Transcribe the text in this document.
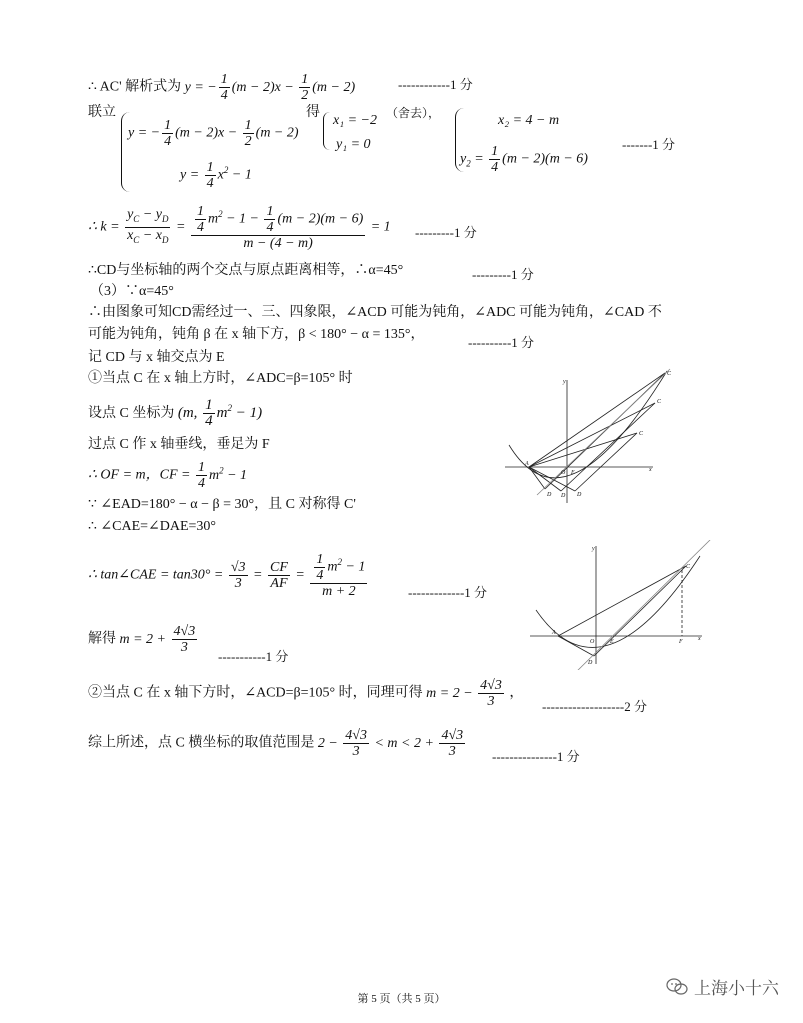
∴ AC' 解析式为 y = − $\frac{1}{4} (m - 2)x - \frac{1}{2} (m - 2)$	------------1 分
联立
y = − $\frac{1}{4} (m - 2)x - \frac{1}{2} (m - 2)$
$y = \frac{1}{4} x^2 - 1$
得
x₁ = −2
y₁ = 0
（舍去），	x₂ = 4 − m
$y_2 = \frac{1}{4} (m - 2)(m - 6)$
-------1 分
∴ $k = \frac{y_C - y_D}{x_C - x_D} = \frac{\frac{1}{4} m^2 - 1 - \frac{1}{4} (m - 2)(m - 6)}{m - (4 - m)} = 1$ ---------1 分
∴CD与坐标轴的两个交点与原点距离相等，∴α=45°	---------1 分
（3）∵α=45°
∴由图象可知CD需经过一、三、四象限，∠ACD 可能为钝角，∠ADC 可能为钝角，∠CAD 不
可能为钝角，钝角 β 在 x 轴下方，β < 180° − α = 135°，
----------1 分
记 CD 与 x 轴交点为 E
①当点 C 在 x 轴上方时，∠ADC=β=105° 时
设点 C 坐标为 (m, $\frac{1}{4} m^2 - 1$)
过点 C 作 x 轴垂线，垂足为 F
∴ OF = m，CF = $\frac{1}{4} m^2 - 1$
∵ ∠EAD=180° − α − β = 30°，且 C 对称得 C'
∴ ∠CAE=∠DAE=30°
∴ tan∠CAE = $\tan 30^\circ = \frac{√3}{3} = \frac{CF}{AF} = \frac{\frac{1}{4} m^2 - 1}{m + 2}$	-------------1 分
解得 $m = 2 + \frac{4√3}{3}$
-----------1 分
②当点 C 在 x 轴下方时，∠ACD=β=105° 时，同理可得 $m = 2 - \frac{4√3}{3}$ ，
-------------------2 分
综上所述，点 C 横坐标的取值范围是 $2 - \frac{4√3}{3} < m < 2 + \frac{4√3}{3} ---------------1$ 分
y
x
C
C
C
A
O E
D D D
y
x
C
A
O	E	F
D
第 5 页（共 5 页）	上海小十六
